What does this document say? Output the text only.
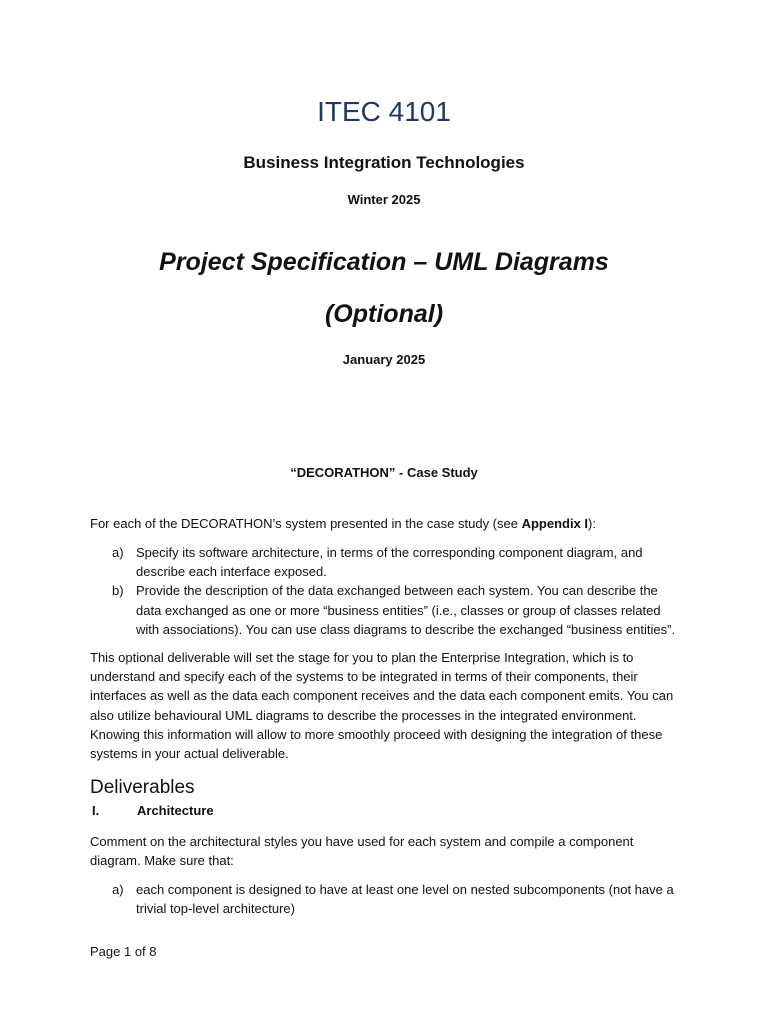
ITEC 4101
Business Integration Technologies
Winter 2025
Project Specification – UML Diagrams
(Optional)
January 2025
“DECORATHON” - Case Study
For each of the DECORATHON’s system presented in the case study (see Appendix I):
a) Specify its software architecture, in terms of the corresponding component diagram, and describe each interface exposed.
b) Provide the description of the data exchanged between each system. You can describe the data exchanged as one or more “business entities” (i.e., classes or group of classes related with associations). You can use class diagrams to describe the exchanged “business entities”.
This optional deliverable will set the stage for you to plan the Enterprise Integration, which is to understand and specify each of the systems to be integrated in terms of their components, their interfaces as well as the data each component receives and the data each component emits. You can also utilize behavioural UML diagrams to describe the processes in the integrated environment. Knowing this information will allow to more smoothly proceed with designing the integration of these systems in your actual deliverable.
Deliverables
I.	Architecture
Comment on the architectural styles you have used for each system and compile a component diagram. Make sure that:
a) each component is designed to have at least one level on nested subcomponents (not have a trivial top-level architecture)
Page 1 of 8
